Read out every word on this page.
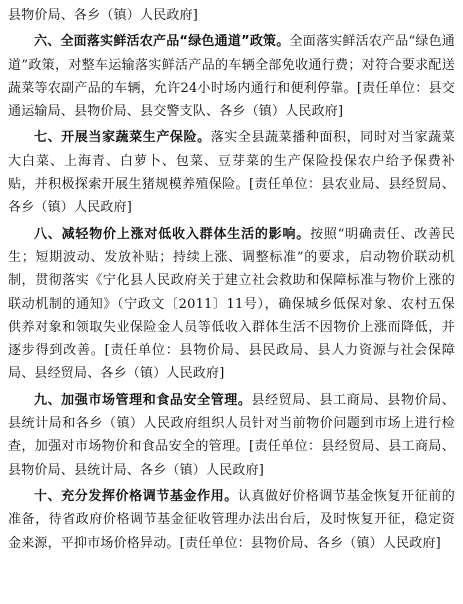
县物价局、各乡（镇）人民政府]

六、全面落实鲜活农产品“绿色通道”政策。全面落实鲜活农产品“绿色通道”政策，对整车运输落实鲜活产品的车辆全部免收通行费；对符合要求配送蔬菜等农副产品的车辆，允许24小时场内通行和便利停靠。[责任单位：县交通运输局、县物价局、县交警支队、各乡（镇）人民政府]

七、开展当家蔬菜生产保险。落实全县蔬菜播种面积，同时对当家蔬菜大白菜、上海青、白萝卜、包菜、豆芽菜的生产保险投保农户给予保费补贴，并积极探索开展生猪规模养殖保险。[责任单位：县农业局、县经贸局、各乡（镇）人民政府]

八、减轻物价上涨对低收入群体生活的影响。按照“明确责任、改善民生；短期波动、发放补贴；持续上涨、调整标准”的要求，启动物价联动机制，贯彻落实《宁化县人民政府关于建立社会救助和保障标准与物价上涨的联动机制的通知》（宁政文〔2011〕11号），确保城乡低保对象、农村五保供养对象和领取失业保险金人员等低收入群体生活不因物价上涨而降低，并逐步得到改善。[责任单位：县物价局、县民政局、县人力资源与社会保障局、县经贸局、各乡（镇）人民政府]

九、加强市场管理和食品安全管理。县经贸局、县工商局、县物价局、县统计局和各乡（镇）人民政府组织人员针对当前物价问题到市场上进行检查，加强对市场物价和食品安全的管理。[责任单位：县经贸局、县工商局、县物价局、县统计局、各乡（镇）人民政府]

十、充分发挥价格调节基金作用。认真做好价格调节基金恢复开征前的准备，待省政府价格调节基金征收管理办法出台后，及时恢复开征，稳定资金来源，平抑市场价格异动。[责任单位：县物价局、各乡（镇）人民政府]
